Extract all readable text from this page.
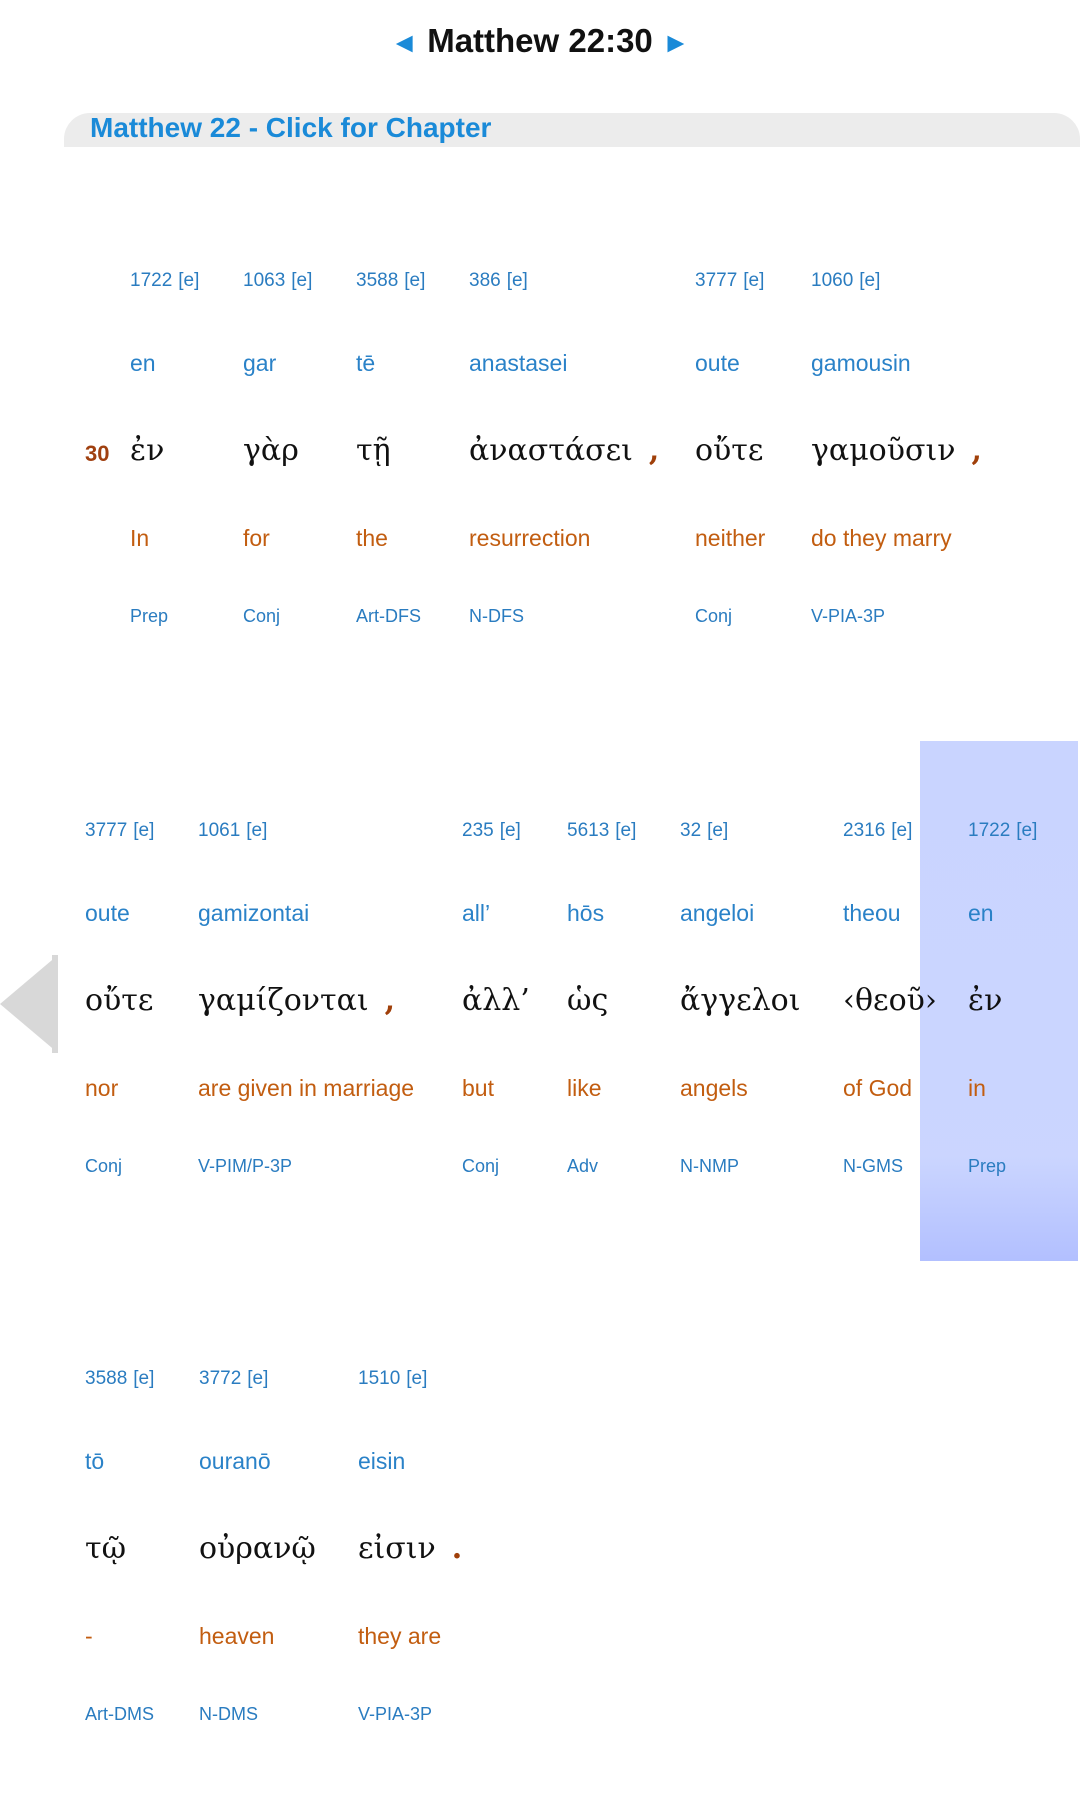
◄ Matthew 22:30 ►
Matthew 22 - Click for Chapter
30
1722 [e]
en
ἐν
In
Prep
1063 [e]
gar
γὰρ
for
Conj
3588 [e]
tē
τῇ
the
Art-DFS
386 [e]
anastasei
ἀναστάσει ,
resurrection
N-DFS
3777 [e]
oute
οὔτε
neither
Conj
1060 [e]
gamousin
γαμοῦσιν ,
do they marry
V-PIA-3P
3777 [e]
oute
οὔτε
nor
Conj
1061 [e]
gamizontai
γαμίζονται ,
are given in marriage
V-PIM/P-3P
235 [e]
all’
ἀλλ’
but
Conj
5613 [e]
hōs
ὡς
like
Adv
32 [e]
angeloi
ἄγγελοι
angels
N-NMP
2316 [e]
theou
‹θεοῦ›
of God
N-GMS
1722 [e]
en
ἐν
in
Prep
3588 [e]
tō
τῷ
-
Art-DMS
3772 [e]
ouranō
οὐρανῷ
heaven
N-DMS
1510 [e]
eisin
εἰσιν .
they are
V-PIA-3P
